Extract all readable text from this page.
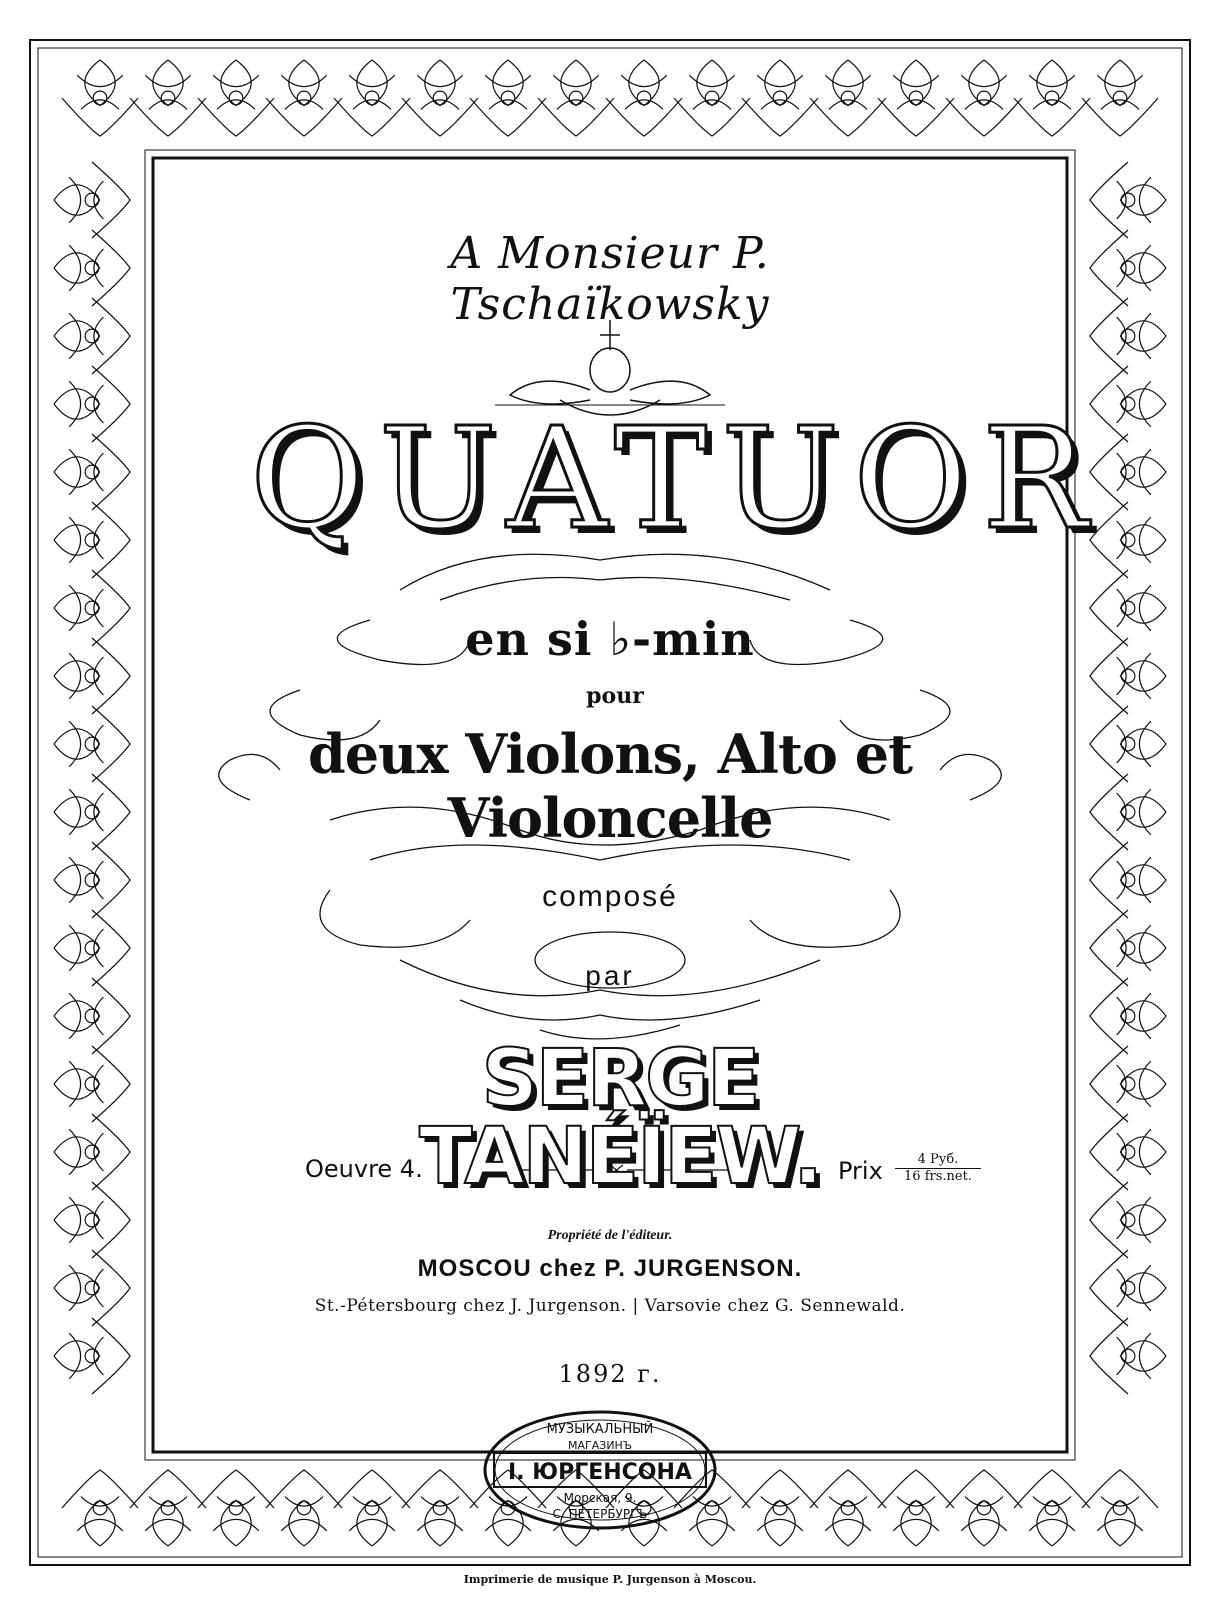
A Monsieur P. Tschaïkowsky
QUATUOR
en si ♭-min
pour
deux Violons, Alto et Violoncelle
composé
par
SERGE TANÉÏEW.
Oeuvre 4.	Prix	4 Руб.
16 frs.net.
Propriété de l'éditeur.
MOSCOU chez P. JURGENSON.
St.-Pétersbourg chez J. Jurgenson. | Varsovie chez G. Sennewald.
1892 г.
МУЗЫКАЛЬНЫЙ
МАГАЗИНЪ
I. ЮРГЕНСОНА
Морская, 9.
С. ПЕТЕРБУРГЪ
Imprimerie de musique P. Jurgenson à Moscou.
